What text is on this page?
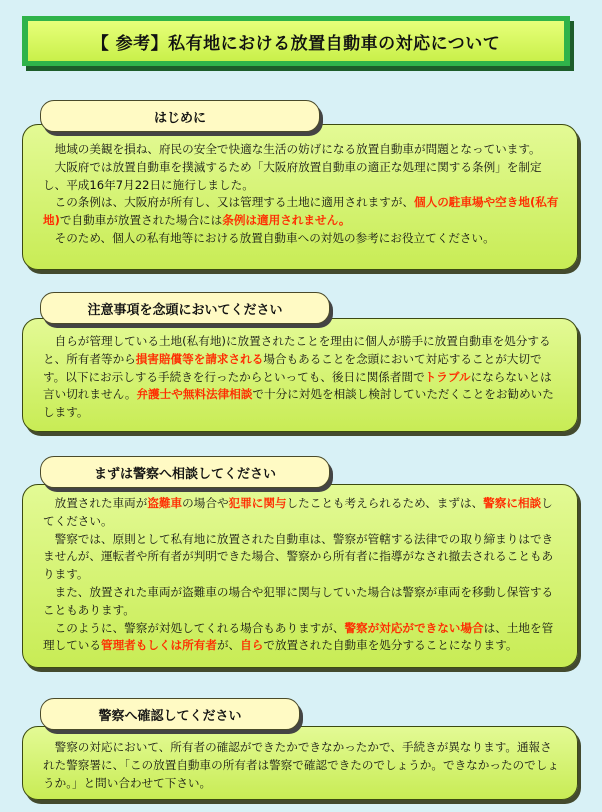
【 参考】私有地における放置自動車の対応について

地域の美観を損ね、府民の安全で快適な生活の妨げになる放置自動車が問題となっています。

大阪府では放置自動車を撲滅するため「大阪府放置自動車の適正な処理に関する条例」を制定し、平成16年7月22日に施行しました。

この条例は、大阪府が所有し、又は管理する土地に適用されますが、個人の駐車場や空き地(私有地)で自動車が放置された場合には条例は適用されません。

そのため、個人の私有地等における放置自動車への対処の参考にお役立てください。

はじめに

自らが管理している土地(私有地)に放置されたことを理由に個人が勝手に放置自動車を処分すると、所有者等から損害賠償等を請求される場合もあることを念頭において対応することが大切です。以下にお示しする手続きを行ったからといっても、後日に関係者間でトラブルにならないとは言い切れません。弁護士や無料法律相談で十分に対処を相談し検討していただくことをお勧めいたします。

注意事項を念頭においてください

放置された車両が盗難車の場合や犯罪に関与したことも考えられるため、まずは、警察に相談してください。

警察では、原則として私有地に放置された自動車は、警察が管轄する法律での取り締まりはできませんが、運転者や所有者が判明できた場合、警察から所有者に指導がなされ撤去されることもあります。

また、放置された車両が盗難車の場合や犯罪に関与していた場合は警察が車両を移動し保管することもあります。

このように、警察が対処してくれる場合もありますが、警察が対応ができない場合は、土地を管理している管理者もしくは所有者が、自らで放置された自動車を処分することになります。

まずは警察へ相談してください

警察の対応において、所有者の確認ができたかできなかったかで、手続きが異なります。通報された警察署に、「この放置自動車の所有者は警察で確認できたのでしょうか。できなかったのでしょうか。」と問い合わせて下さい。

警察へ確認してください
